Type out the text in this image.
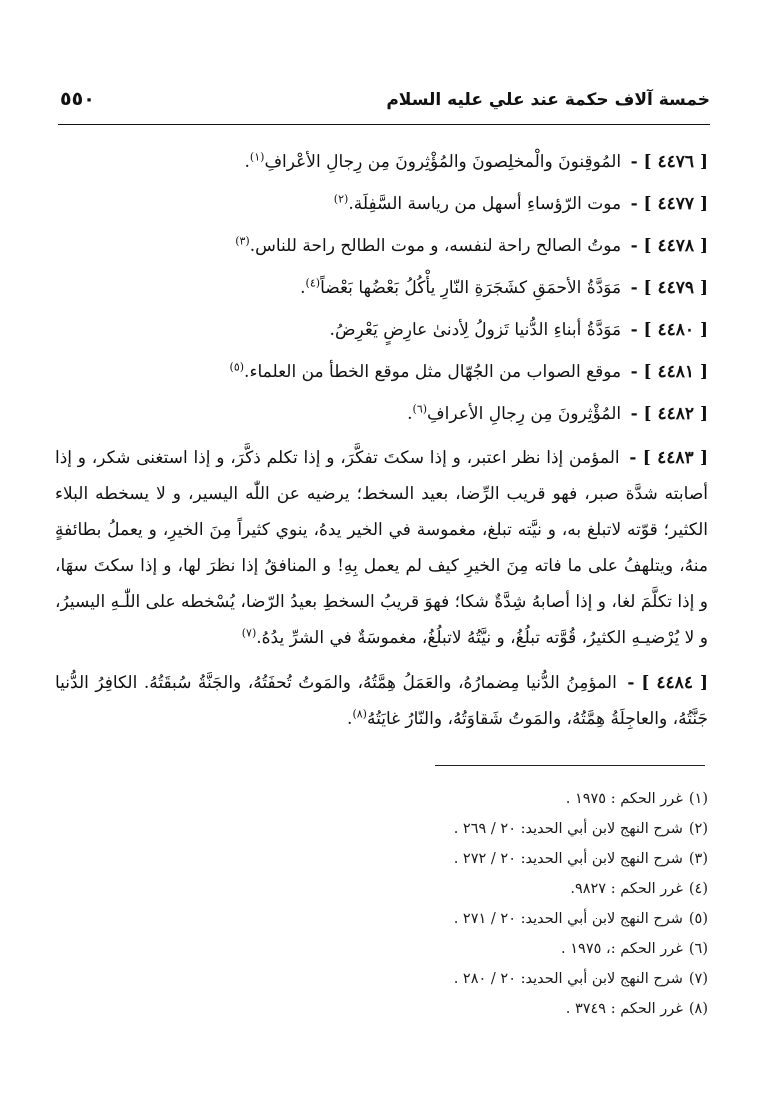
خمسة آلاف حكمة عند علي عليه السلام
٥٥٠

[ ٤٤٧٦ ] - المُوقِنونَ والْمخلِصونَ والمُؤْثِرونَ مِن رِجالِ الأعْرافِ$^{(١)}$.

[ ٤٤٧٧ ] - موت الرّؤساءِ أسهل من رياسة السَّفِلَة.$^{(٢)}$

[ ٤٤٧٨ ] - موتُ الصالح راحة لنفسه، و موت الطالح راحة للناس.$^{(٣)}$

[ ٤٤٧٩ ] - مَوَدَّةُ الأحمَقِ كشَجَرَةِ النّارِ يأْكُلُ بَعْضُها بَعْضاً$^{(٤)}$.

[ ٤٤٨٠ ] - مَوَدَّةُ أبناءِ الدُّنيا تَزولُ لِأدنىٰ عارِضٍ يَعْرِضُ.

[ ٤٤٨١ ] - موقع الصواب من الجُهّال مثل موقع الخطأ من العلماء.$^{(٥)}$

[ ٤٤٨٢ ] - المُؤْثِرونَ مِن رِجالِ الأعرافِ$^{(٦)}$.

[ ٤٤٨٣ ] - المؤمن إذا نظر اعتبر، و إذا سكتَ تفكَّرَ، و إذا تكلم ذكَّرَ، و إذا استغنى شكر، و إذا أصابته شدَّة صبر، فهو قريب الرِّضا، بعيد السخط؛ يرضيه عن اللّٰه اليسير، و لا يسخطه البلاء الكثير؛ قوّته لاتبلغ به، و نيَّته تبلغ، مغموسة في الخير يدهُ، ينوي كثيراً مِنَ الخيرِ، و يعملُ بطائفةٍ منهُ، ويتلهفُ على ما فاته مِنَ الخيرِ كيف لم يعمل بِهِ! و المنافقُ إذا نظرَ لها، و إذا سكتَ سهَا، و إذا تكلَّمَ لغا، و إذا أصابهُ شِدَّةٌ شكا؛ فهوَ قريبُ السخطِ بعيدُ الرّضا، يُسْخطه على اللّٰـهِ اليسيرُ، و لا يُرْضيـهِ الكثيرُ، قُوَّته تبلُغُ، و نيَّتُهُ لاتبلُغُ، مغموسَةٌ في الشرِّ يدُهُ.$^{(٧)}$

[ ٤٤٨٤ ] - المؤمِنُ الدُّنيا مِضمارُهُ، والعَمَلُ هِمَّتُهُ، والمَوتُ تُحفَتُهُ، والجَنَّةُ سُبقَتُهُ. الكافِرُ الدُّنيا جَنَّتُهُ، والعاجِلَةُ هِمَّتُهُ، والمَوتُ شَقاوَتُهُ، والنّارُ غايَتُهُ$^{(٨)}$.

(١)غرر الحكم : ١٩٧٥ .
(٢)شرح النهج لابن أبي الحديد: ٢٠ / ٢٦٩ .
(٣)شرح النهج لابن أبي الحديد: ٢٠ / ٢٧٢ .
(٤)غرر الحكم : ٩٨٢٧.
(٥)شرح النهج لابن أبي الحديد: ٢٠ / ٢٧١ .
(٦)غرر الحكم :، ١٩٧٥ .
(٧)شرح النهج لابن أبي الحديد: ٢٠ / ٢٨٠ .
(٨)غرر الحكم : ٣٧٤٩ .
